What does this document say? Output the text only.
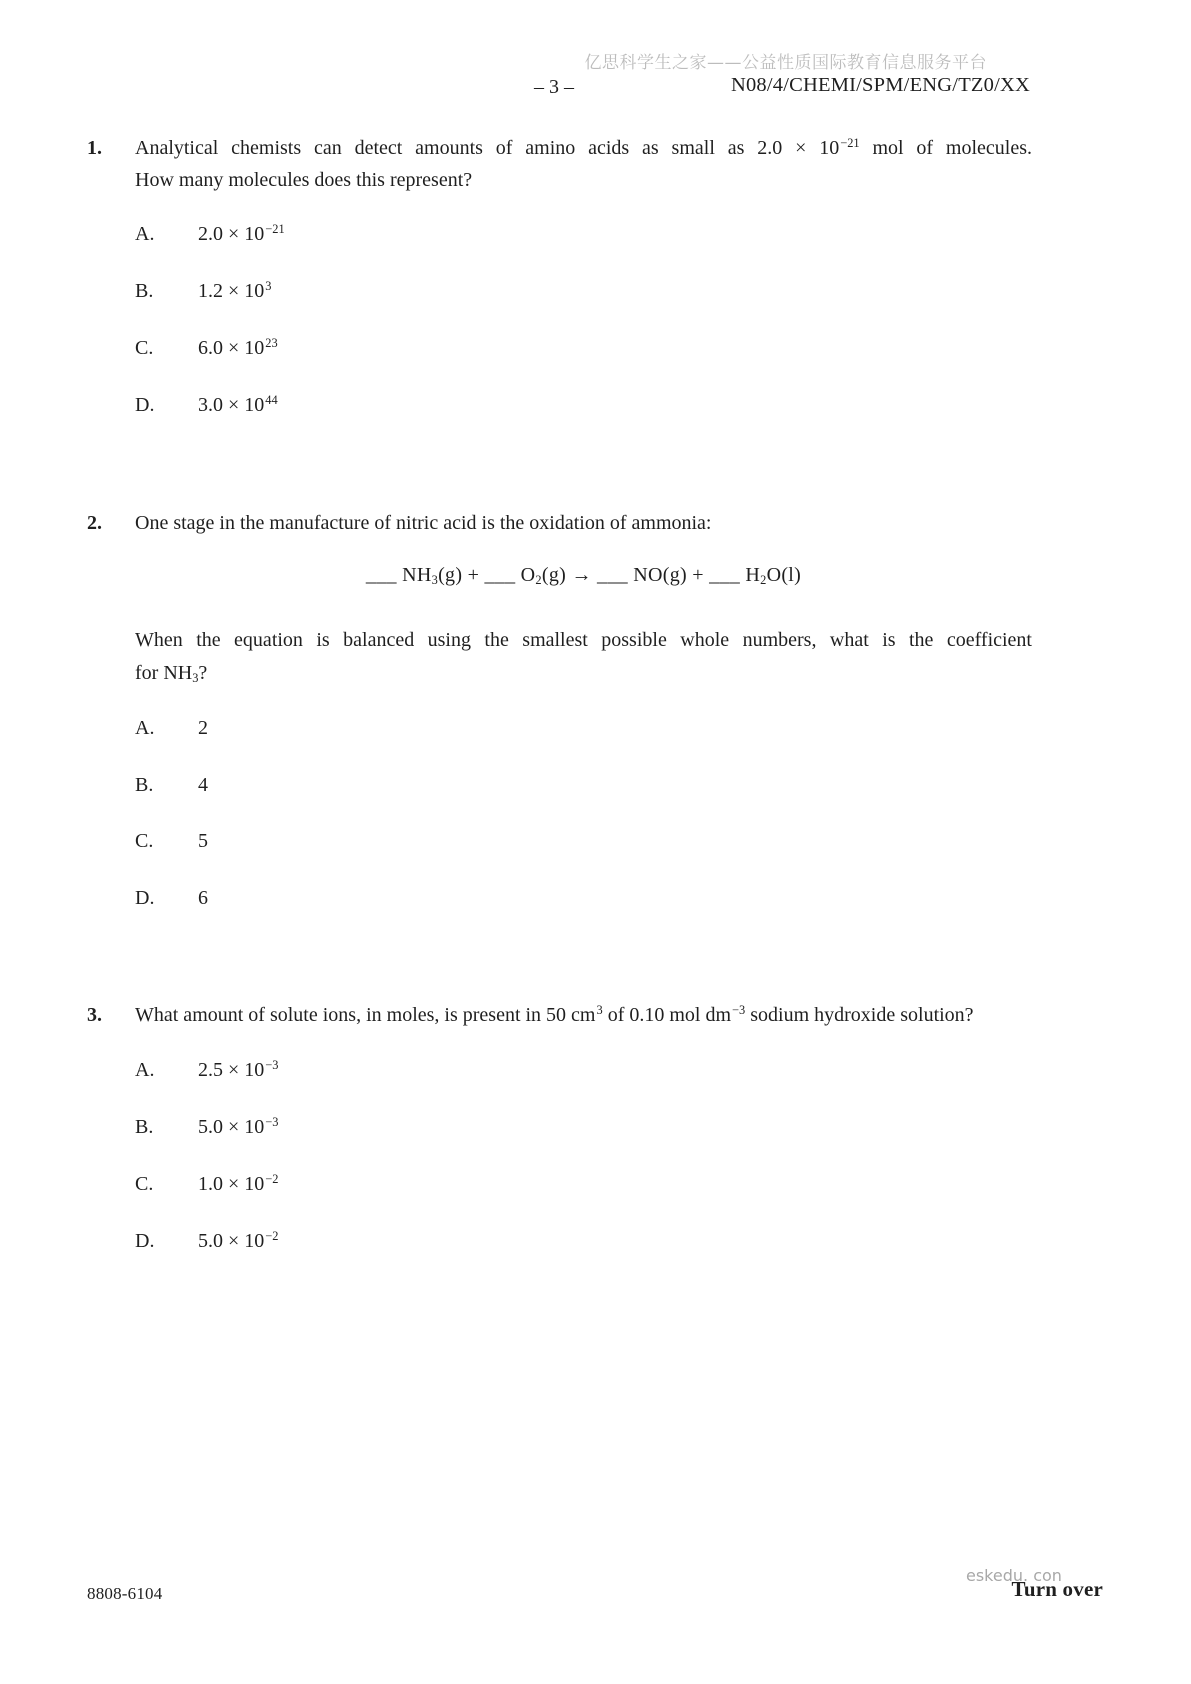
亿思科学生之家——公益性质国际教育信息服务平台
– 3 –	N08/4/CHEMI/SPM/ENG/TZ0/XX
1. Analytical chemists can detect amounts of amino acids as small as $2.0 \times 10^{-21}$ mol of molecules.
How many molecules does this represent?
A.	$2.0 \times 10^{-21}$
B.	$1.2 \times 10^3$
C.	$6.0 \times 10^{23}$
D.	$3.0 \times 10^{44}$
2. One stage in the manufacture of nitric acid is the oxidation of ammonia:
___ $NH_3(g)$ + ___ $O_2(g)$ → ___ NO(g) + ___ $H_2O(l)$
When the equation is balanced using the smallest possible whole numbers, what is the coefficient
for $NH_3$?
A.	2
B.	4
C.	5
D.	6
3. What amount of solute ions, in moles, is present in 50 $cm^3$ of 0.10 mol $dm^{-3}$ sodium hydroxide solution?
A.	$2.5 \times 10^{-3}$
B.	$5.0 \times 10^{-3}$
C.	$1.0 \times 10^{-2}$
D.	$5.0 \times 10^{-2}$
8808-6104
eskedu. con
Turn over
